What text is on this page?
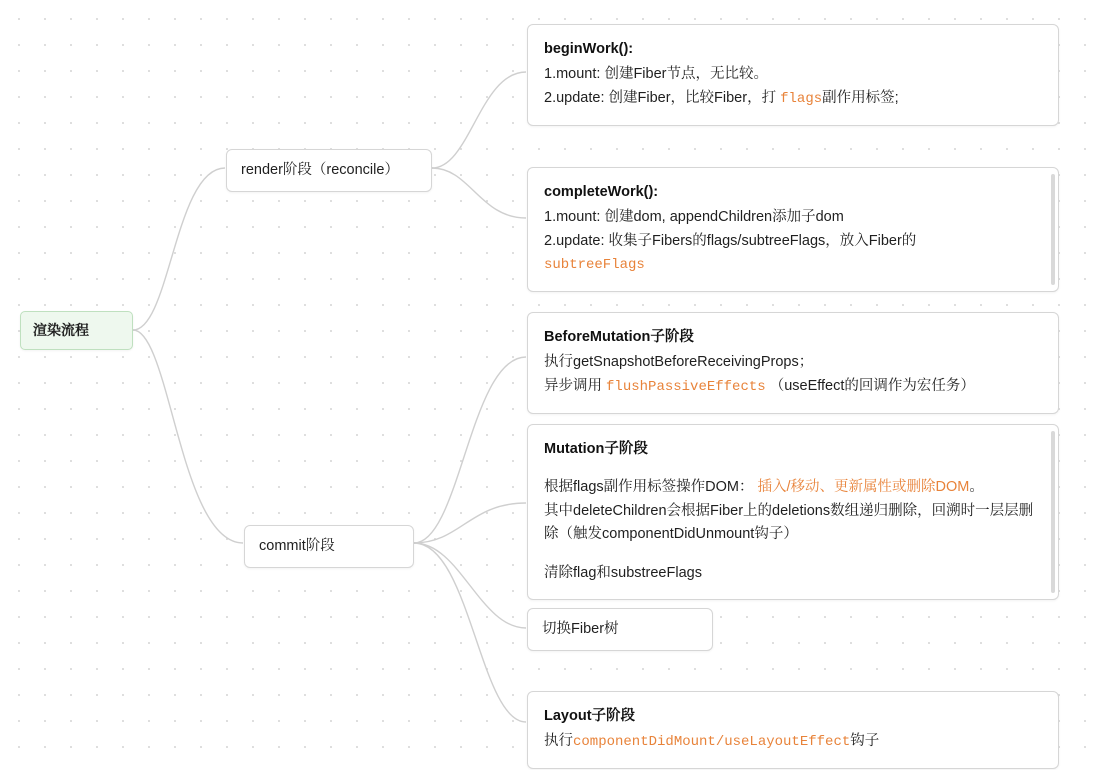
渲染流程
render阶段（reconcile）
commit阶段
beginWork():
1.mount: 创建Fiber节点，无比较。
2.update: 创建Fiber，比较Fiber，打 flags副作用标签;
completeWork():
1.mount: 创建dom, appendChildren添加子dom
2.update: 收集子Fibers的flags/subtreeFlags，放入Fiber的
subtreeFlags
BeforeMutation子阶段
执行getSnapshotBeforeReceivingProps；
异步调用 flushPassiveEffects （useEffect的回调作为宏任务）
Mutation子阶段
根据flags副作用标签操作DOM： 插入/移动、更新属性或删除DOM。
其中deleteChildren会根据Fiber上的deletions数组递归删除，回溯时一层层删除（触发componentDidUnmount钩子）
清除flag和substreeFlags
切换Fiber树
Layout子阶段
执行componentDidMount/useLayoutEffect钩子
